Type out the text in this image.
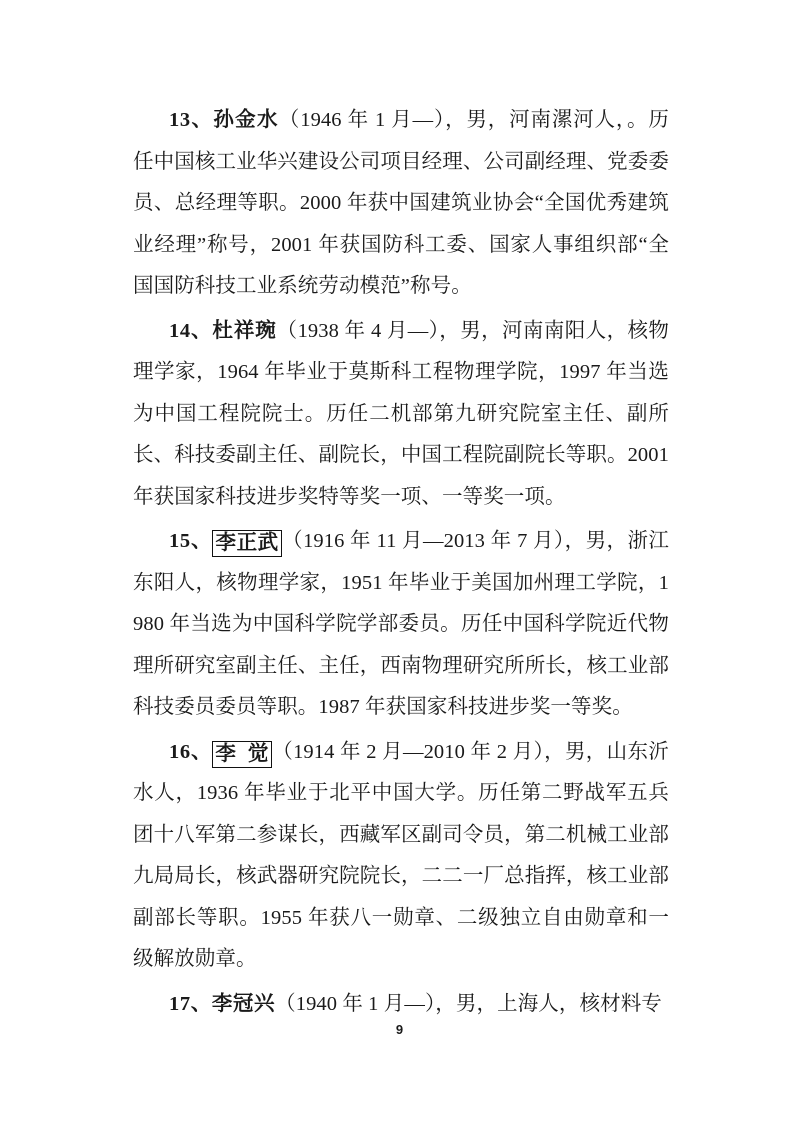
13、孙金水（1946 年 1 月—），男，河南漯河人，。历任中国核工业华兴建设公司项目经理、公司副经理、党委委员、总经理等职。2000 年获中国建筑业协会“全国优秀建筑业经理”称号，2001 年获国防科工委、国家人事组织部“全国国防科技工业系统劳动模范”称号。

14、杜祥琬（1938 年 4 月—），男，河南南阳人，核物理学家，1964 年毕业于莫斯科工程物理学院，1997 年当选为中国工程院院士。历任二机部第九研究院室主任、副所长、科技委副主任、副院长，中国工程院副院长等职。2001 年获国家科技进步奖特等奖一项、一等奖一项。

15、 李正武 （1916 年 11 月—2013 年 7 月），男，浙江东阳人，核物理学家，1951 年毕业于美国加州理工学院，1980 年当选为中国科学院学部委员。历任中国科学院近代物理所研究室副主任、主任，西南物理研究所所长，核工业部科技委员委员等职。1987 年获国家科技进步奖一等奖。

16、 李  觉 （1914 年 2 月—2010 年 2 月），男，山东沂水人，1936 年毕业于北平中国大学。历任第二野战军五兵团十八军第二参谋长，西藏军区副司令员，第二机械工业部九局局长，核武器研究院院长，二二一厂总指挥，核工业部副部长等职。1955 年获八一勋章、二级独立自由勋章和一级解放勋章。

17、李冠兴（1940 年 1 月—），男，上海人，核材料专

9
